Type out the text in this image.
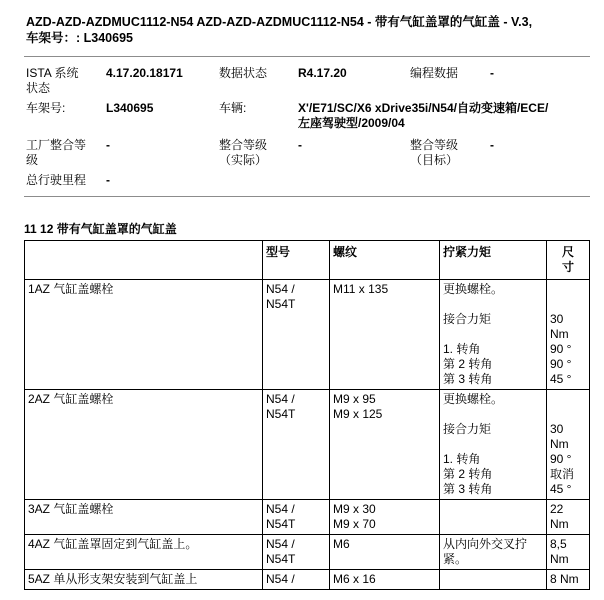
AZD-AZD-AZDMUC1112-N54 AZD-AZD-AZDMUC1112-N54 - 带有气缸盖罩的气缸盖 - V.3,
车架号：: L340695
ISTA 系统
状态
4.17.20.18171	数据状态	R4.17.20	编程数据	-
车架号:	L340695	车辆:	X'/E71/SC/X6 xDrive35i/N54/自动变速箱/ECE/
左座驾驶型/2009/04
工厂整合等
级
-	整合等级
（实际）
-	整合等级
（目标）
-
总行驶里程 -
11 12 带有气缸盖罩的气缸盖
	型号	螺纹	拧紧力矩	尺
寸
1AZ 气缸盖螺栓	N54 /
N54T	M11 x 135	更换螺栓。
接合力矩
1. 转角
第 2 转角
第 3 转角	30
Nm
90 °
90 °
45 °

2AZ 气缸盖螺栓	N54 /
N54T	M9 x 95
M9 x 125	更换螺栓。
接合力矩
1. 转角
第 2 转角
第 3 转角	30
Nm
90 °
取消
45 °

3AZ 气缸盖螺栓	N54 /
N54T	M9 x 30
M9 x 70		22
Nm

4AZ 气缸盖罩固定到气缸盖上。	N54 /
N54T	M6	从内向外交叉拧
紧。	8,5
Nm

5AZ 单从形支架安装到气缸盖上	N54 /	M6 x 16		8 Nm
